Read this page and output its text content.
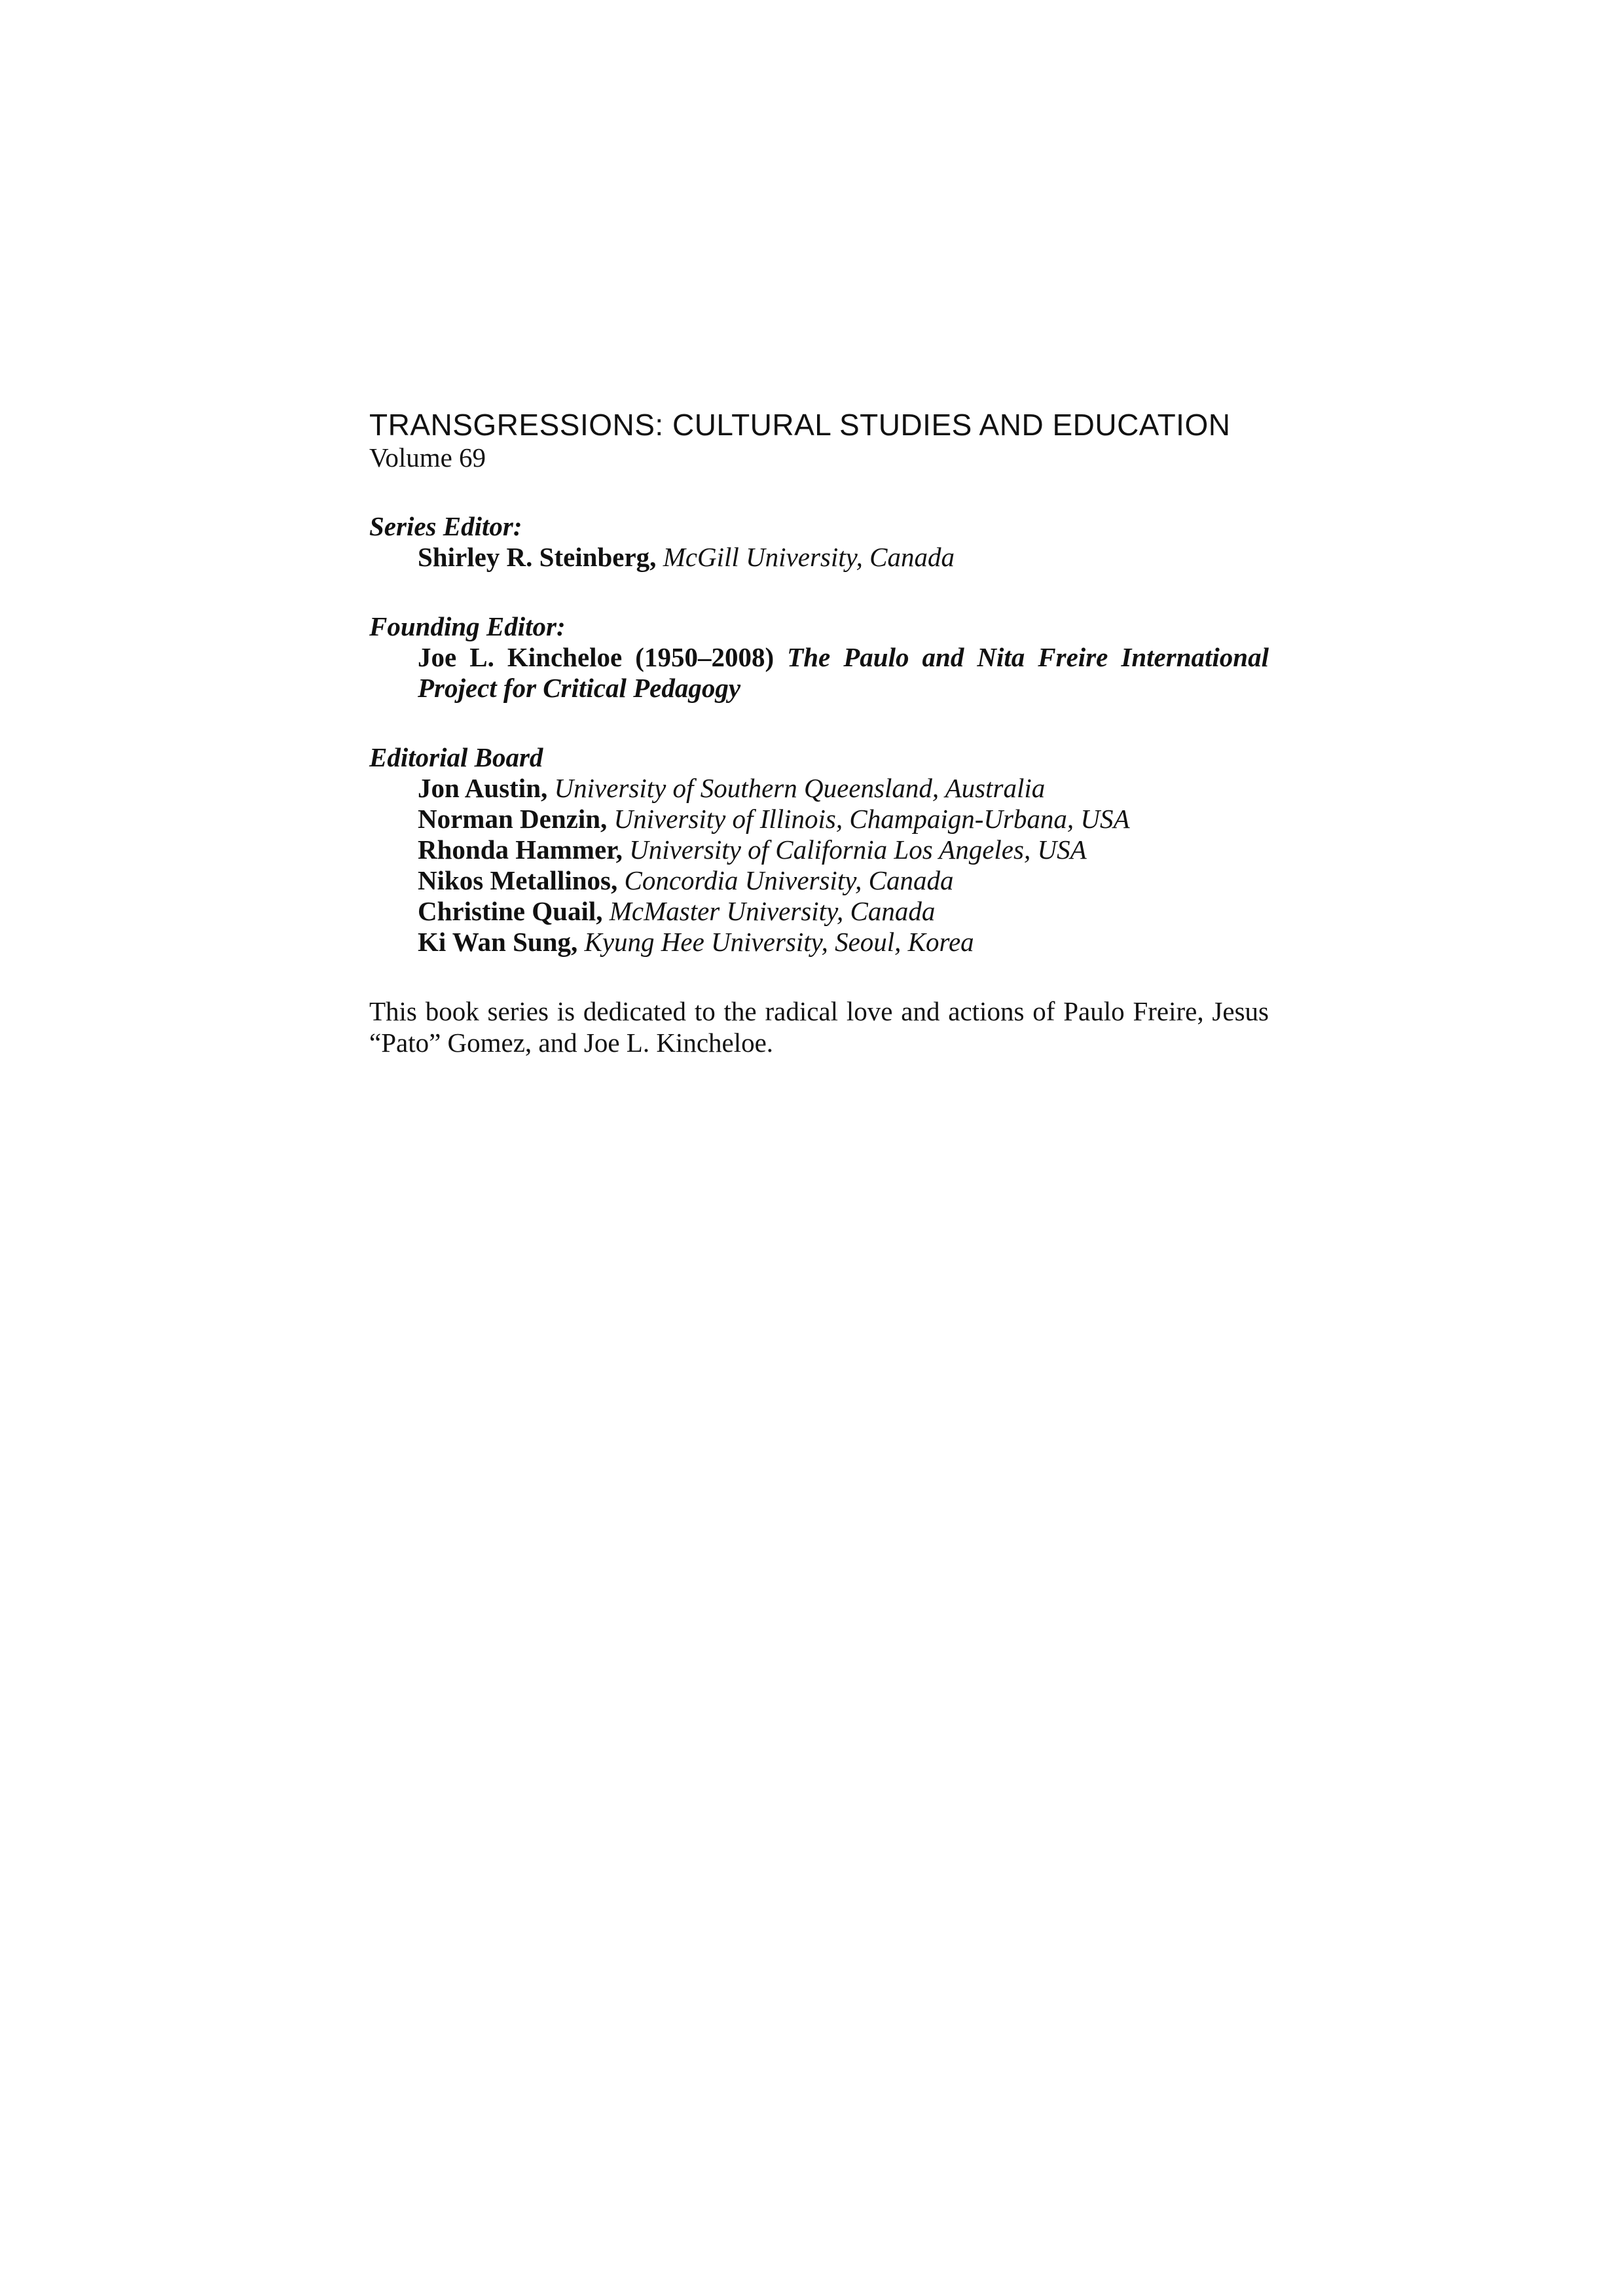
TRANSGRESSIONS: CULTURAL STUDIES AND EDUCATION
Volume 69
Series Editor:
Shirley R. Steinberg, McGill University, Canada
Founding Editor:
Joe L. Kincheloe (1950–2008) The Paulo and Nita Freire International Project for Critical Pedagogy
Editorial Board
Jon Austin, University of Southern Queensland, Australia
Norman Denzin, University of Illinois, Champaign-Urbana, USA
Rhonda Hammer, University of California Los Angeles, USA
Nikos Metallinos, Concordia University, Canada
Christine Quail, McMaster University, Canada
Ki Wan Sung, Kyung Hee University, Seoul, Korea
This book series is dedicated to the radical love and actions of Paulo Freire, Jesus “Pato” Gomez, and Joe L. Kincheloe.
